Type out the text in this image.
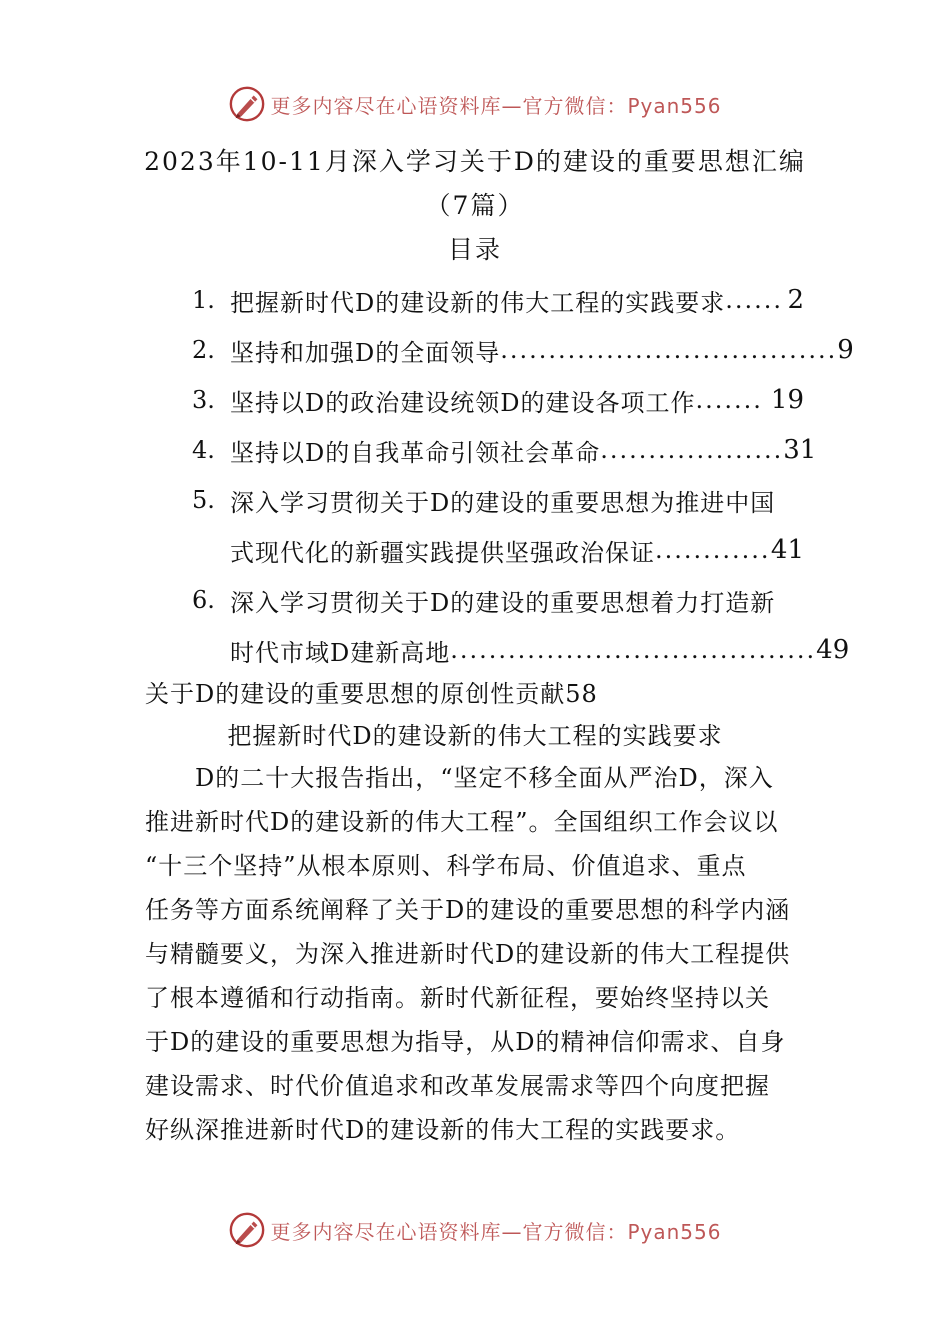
更多内容尽在心语资料库—官方微信：Pyan556
2023年10-11月深入学习关于D的建设的重要思想汇编
（7篇）
目录
1. 把握新时代D的建设新的伟大工程的实践要求 ...... 2
2. 坚持和加强D的全面领导 ................................... 9
3. 坚持以D的政治建设统领D的建设各项工作 ....... 19
4. 坚持以D的自我革命引领社会革命 ................... 31
5. 深入学习贯彻关于D的建设的重要思想为推进中国
式现代化的新疆实践提供坚强政治保证 ............ 41
6. 深入学习贯彻关于D的建设的重要思想着力打造新
时代市域D建新高地 ...................................... 49
关于D的建设的重要思想的原创性贡献58
把握新时代D的建设新的伟大工程的实践要求
　　D的二十大报告指出，“坚定不移全面从严治D，深入
推进新时代D的建设新的伟大工程”。全国组织工作会议以
“十三个坚持”从根本原则、科学布局、价值追求、重点
任务等方面系统阐释了关于D的建设的重要思想的科学内涵
与精髓要义，为深入推进新时代D的建设新的伟大工程提供
了根本遵循和行动指南。新时代新征程，要始终坚持以关
于D的建设的重要思想为指导，从D的精神信仰需求、自身
建设需求、时代价值追求和改革发展需求等四个向度把握
好纵深推进新时代D的建设新的伟大工程的实践要求。
更多内容尽在心语资料库—官方微信：Pyan556
